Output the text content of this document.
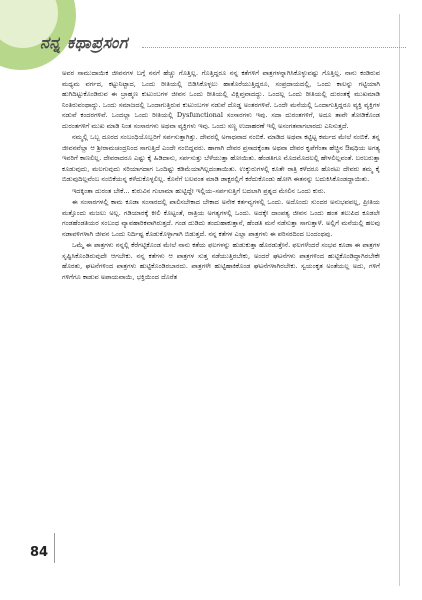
ನನ್ನ ಕಥಾಪ್ರಸಂಗ

ಅವರ ಸಾಮುದಾಯಿಕ ಜೀವನಗಳ ಬಗ್ಗೆ ನನಗೆ ಹೆಚ್ಚು ಗೊತ್ತಿಲ್ಲ. ಗೊತ್ತಿದ್ದರೂ ನನ್ನ ಕತೆಗಳಿಗೆ ಪಾತ್ರಗಳನ್ನಾಗಿಸಿಕೊಳ್ಳುವಷ್ಟು ಗೊತ್ತಿಲ್ಲ. ನಾನು ಕಂಡಿರುವ ಮಧ್ಯಮ ವರ್ಗದ, ಕಟ್ಟುನಿಟ್ಟಾದ, ಒಂದು ರೀತಿಯಲ್ಲಿ ಬಿಡಿಸಿಕೊಳ್ಳಲು ಹಾತೊರೆಯುತ್ತಿದ್ದರೂ, ಸಂಪ್ರದಾಯದಲ್ಲಿ, ಒಂದು ಕಾಲನ್ನು ಗಟ್ಟಿಯಾಗಿ ಹುಗಿದಿಟ್ಟುಕೊಂಡಿರುವ ಈ ಬ್ರಾಹ್ಮಣ ಕುಟುಂಬಗಳ ಜೀವನ ಒಂದು ರೀತಿಯಲ್ಲಿ ವಿಕ್ಷಿಪ್ತವಾದದ್ದು. ಒಂದಲ್ಲ ಒಂದು ರೀತಿಯಲ್ಲಿ ದುರಂತಕ್ಕೆ ಮುಖಮಾಡಿ ನಿಂತಿರುವಂಥಾದ್ದು. ಒಂದು ಸಮಾಜದಲ್ಲಿ ಒಂದಾಗುತ್ತಿರುವ ಕುಟುಂಬಗಳ ನಡುವೆ ದೊಡ್ಡ ಅಂತರಗಳಿವೆ. ಒಂದೇ ಮನೆಯಲ್ಲಿ ಒಂದಾಗುತ್ತಿದ್ದರೂ ವ್ಯಕ್ತಿ ವ್ಯಕ್ತಿಗಳ ನಡುವೆ ಕಂದರಗಳಿವೆ. ಒಂದಲ್ಲಾ ಒಂದು ರೀತಿಯಲ್ಲಿ Dysfunctional ಸಂಸಾರಗಳು ಇವು. ಸದಾ ದುರಂತಗಳಿಗೆ, ಅದೂ ತಾವೇ ತೋಡಿಕೊಂಡ ದುರಂತಗಳಿಗೆ ಮುಖ ಮಾಡಿ ನಿಂತ ಸಂಸಾರಗಳು ಅಥವಾ ವ್ಯಕ್ತಿಗಳು ಇವು. ಒಂದು ಸಣ್ಣ ಉದಾಹರಣೆ ಇಲ್ಲಿ ಅಸಂಗತವಾಗಲಾರದು ಎನಿಸುತ್ತದೆ.

ನಮ್ಮಲ್ಲಿ ಒಬ್ಬ ದೂರದ ಸಂಬಂಧಿಯೊಬ್ಬರಿಗೆ ಸರ್ಪಸುತ್ತಾಗಿತ್ತು. ದೇವರಲ್ಲಿ ಅಗಾಧವಾದ ನಂಬಿಕೆ. ಮಾಡಿದ ಅಥವಾ ಕಟ್ಟಿಟ್ಟ ಕರ್ಮದ ಮೇಲೆ ನಂಬಿಕೆ. ತನ್ನ ಜೀವನವೆಲ್ಲಾ ಆ ಶ್ರೀರಾಮಚಂದ್ರನಿಂದ ಸಾಗುತ್ತಿದೆ ಎಂದೇ ನಂಬಿದ್ದವರು. ಹಾಗಾಗಿ ದೇವರ ಪ್ರಸಾದಕ್ಕೆಂತಾ ಅಥವಾ ದೇವರ ಕೃಪೆಗೆಂತಾ ಹೆಚ್ಚಿನ ಔಷಧಿಯ ಅಗತ್ಯ ಇವರಿಗೆ ಕಾಣಲಿಲ್ಲ. ದೇವರಾದರೂ ಎಷ್ಟು ಕೈ ಹಿಡಿದಾನು, ಸರ್ಪಸುತ್ತು ಬೆಳೆಯುತ್ತಾ ಹೋಯಿತು. ಹೆಂಡತಿಗೂ ಮೊದಮೊದಲಲ್ಲಿ ಹೇಳಲಿಲ್ಲವಂತೆ. ಬರಬರುತ್ತಾ ಕೂಡುವುದು, ಮಲಗುವುದು ಸರಿಯಾಗದಾಗ ಒಂದಿಷ್ಟು ಕಡಿಮೆಯಾಗಿಲ್ಲದಂತಾಯಿತು. ಉಕ್ಕುರುಗಳಲ್ಲಿ ಕೂತೇ ರಾತ್ರಿ ಕಳೆದರೂ ಹೊರಟು ದೇವರು ತಮ್ಮ ಕೈ ಬಿಡುವುದಿಲ್ಲವೆಂಬ ನಂಬಿಕೆಯನ್ನ ಕಳೆದುಕೊಳ್ಳಲಿಲ್ಲ. ಕೊನೆಗೆ ಬಲವಂತ ಮಾಡಿ ಡಾಕ್ಟರಲ್ಲಿಗೆ ಕರೆದುಕೊಂಡು ಹೋಗಿ ಈತನನ್ನು ಬದುಕಿಸಿಕೊಂಡದ್ದಾಯಿತು.

ಇದಕ್ಕಿಂತಾ ದುರಂತ ಬೇಕೆ... ಕುರುವಿನ ಗುಲಾಮಾ ಹುಟ್ಟಿದ್ದೇ ಇಲ್ಲಿಯ–ಸರ್ಪಸುತ್ತಿಗೆ ಬದಲಾಗಿ ಪ್ರಶ್ನದ ಮೇಲಿನ ಒಂದು ಕುರು.

ಈ ಸಂಸಾರಗಳಲ್ಲಿ ಕಾಮ ಕೂಡಾ ಸಂಸಾರದಲ್ಲಿ ಪಾಲಿಸಬೇಕಾದ ಬೇಕಾದ ಅನೇಕ ಕರ್ತವ್ಯಗಳಲ್ಲಿ ಒಂದು. ಅದೊಂದು ಸುಂದರ ಅನುಭವವಲ್ಲ, ಪ್ರೀತಿಯ ಮತ್ತೊಂದು ಮಜಲು ಅಲ್ಲ. ಗಡಿಯಾರಕ್ಕೆ ಕೀಲಿ ಕೊಟ್ಟಂತೆ, ರಾತ್ರಿಯ ಅಗತ್ಯಗಳಲ್ಲಿ ಒಂದು. ಅದಕ್ಕೇ ದಾಂಪತ್ಯ ಜೀವನ ಒಂದು ಹಂತ ತಲುಪಿದ ಕೂಡಲೇ ಗಂಡಹೆಂಡತಿಯರ ಸಂಬಂಧ ವ್ಯಾವಹಾರಿಕವಾಗಿರುತ್ತದೆ. ಗಂಡ ದುಡಿದು ತಂದುಹಾಕುತ್ತಾನೆ, ಹೆಂಡತಿ ಮನೆ ನಡೆಸುತ್ತಾ ಸಾಗುತ್ತಾಳೆ. ಅಲ್ಲಿಗೆ ಮನೆಯಲ್ಲಿ ಹಲವು ನಡಾವಳಿಗಳಾಗಿ ಜೀವನ ಒಂದು ನಿರ್ದಿಷ್ಟ ಕೊಡುಕೊಳ್ಳಾಗಾಗಿ ಬಿಡುತ್ತದೆ. ನನ್ನ ಕತೆಗಳ ಎಲ್ಲಾ ಪಾತ್ರಗಳು ಈ ಪರಿಸರದಿಂದ ಬಂದಂಥವು.

ಒಮ್ಮೆ ಈ ಪಾತ್ರಗಳು ನನ್ನಲ್ಲಿ ಕೆರೆಗಟ್ಟಿಕೊಂಡ ಮೇಲೆ ನಾನು ಕತೆಯ ಫಲಗಳನ್ನು ಹುಡುಕುತ್ತಾ ಹೊರಡುತ್ತೇನೆ. ಫಲಗಳೆಂದರೆ ಸಂಭವ ಕೂಡಾ ಈ ಪಾತ್ರಗಳ ಸೃಷ್ಟಿಸಿಕೊಂಡಿರುವುದೇ ಆಗಬೇಕು. ನನ್ನ ಕತೆಗಳು ಆ ಪಾತ್ರಗಳ ಸುತ್ತ ನಡೆಯುತ್ತಿರಬೇಕು, ಅಂದರೆ ಘಟನೆಗಳು ಪಾತ್ರಗಳಿಂದ ಹುಟ್ಟಿಕೊಂಡಿದ್ದಾಗಿರಬೇಕೇ ಹೊರತು, ಘಟನೆಗಳಿಂದ ಪಾತ್ರಗಳು ಹುಟ್ಟಿಕೊಂಡಿರಬಾರದು. ಪಾತ್ರಗಳೇ ಹುಟ್ಟಿಹಾಕಿಕೊಂಡ ಘಟನೆಗಳಾಗಿರಬೇಕು. ಸ್ವಯಂಕೃತ ಅಂತೆಯಲ್ಲ ಅದು, ಗಳಿಗೆ ಗಳಿಗೆಗೂ ಕಾಡುವ ಅಪಾಯವಾಯಿ, ಭಕ್ತಿಯಿಂದ ದೊರೆತ

84
